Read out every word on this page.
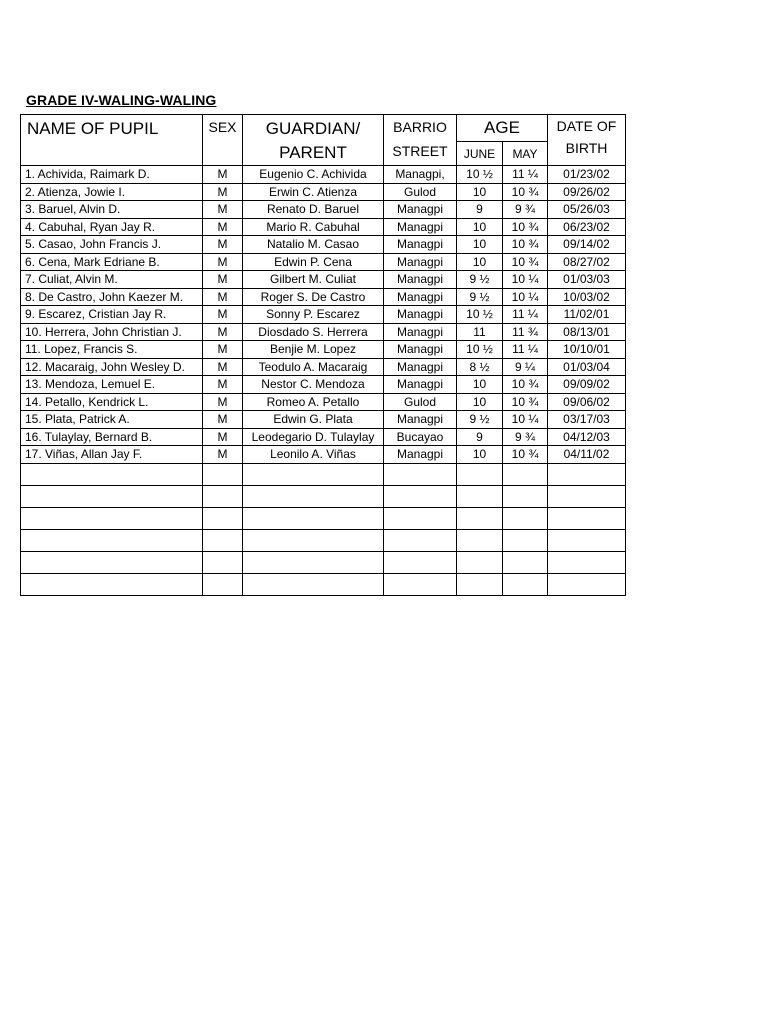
GRADE IV-WALING-WALING
NAME OF PUPIL	SEX	GUARDIAN/
PARENT	BARRIO
STREET	AGE		DATE OF
BIRTH

				JUNE	MAY	
1. Achivida, Raimark D.	M	Eugenio C. Achivida	Managpi,	10 ½	11 ¼	01/23/02
2. Atienza, Jowie I.	M	Erwin C. Atienza	Gulod	10	10 ¾	09/26/02
3. Baruel, Alvin D.	M	Renato D. Baruel	Managpi	9	9 ¾	05/26/03
4. Cabuhal, Ryan Jay R.	M	Mario R. Cabuhal	Managpi	10	10 ¾	06/23/02
5. Casao, John Francis J.	M	Natalio M. Casao	Managpi	10	10 ¾	09/14/02
6. Cena, Mark Edriane B.	M	Edwin P. Cena	Managpi	10	10 ¾	08/27/02
7. Culiat, Alvin M.	M	Gilbert M. Culiat	Managpi	9 ½	10 ¼	01/03/03
8. De Castro, John Kaezer M.	M	Roger S. De Castro	Managpi	9 ½	10 ¼	10/03/02
9. Escarez, Cristian Jay R.	M	Sonny P. Escarez	Managpi	10 ½	11 ¼	11/02/01
10. Herrera, John Christian J.	M	Diosdado S. Herrera	Managpi	11	11 ¾	08/13/01
11. Lopez, Francis S.	M	Benjie M. Lopez	Managpi	10 ½	11 ¼	10/10/01
12. Macaraig, John Wesley D.	M	Teodulo A. Macaraig	Managpi	8 ½	9 ¼	01/03/04
13. Mendoza, Lemuel E.	M	Nestor C. Mendoza	Managpi	10	10 ¾	09/09/02
14. Petallo, Kendrick L.	M	Romeo A. Petallo	Gulod	10	10 ¾	09/06/02
15. Plata, Patrick A.	M	Edwin G. Plata	Managpi	9 ½	10 ¼	03/17/03
16. Tulaylay, Bernard B.	M	Leodegario D. Tulaylay	Bucayao	9	9 ¾	04/12/03
17. Viñas, Allan Jay F.	M	Leonilo A. Viñas	Managpi	10	10 ¾	04/11/02
